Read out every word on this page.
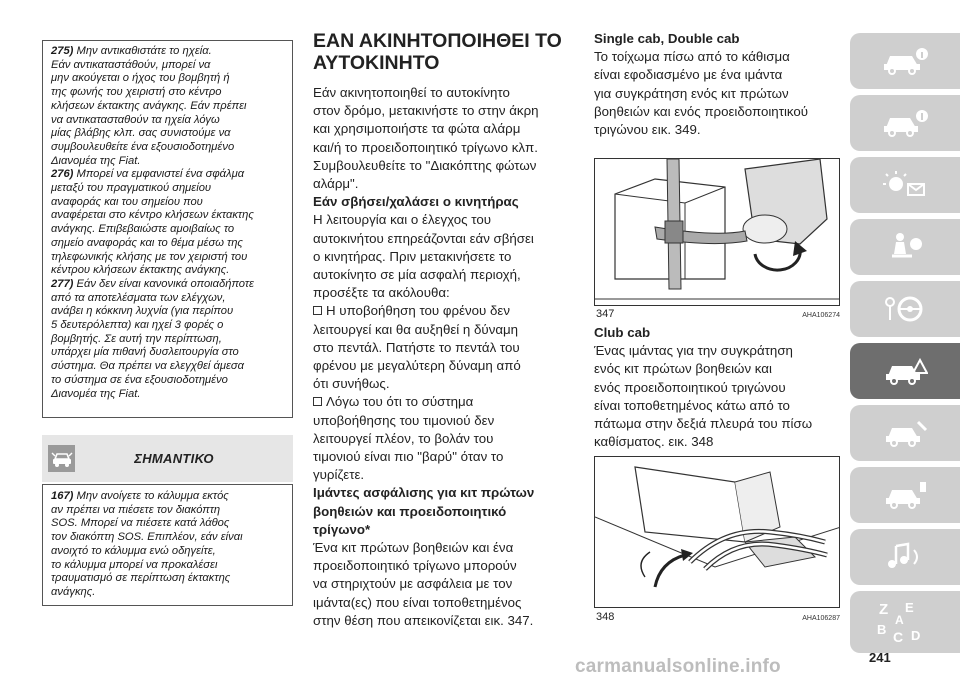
275) Μην αντικαθιστάτε το ηχεία.
Εάν αντικαταστάθούν, μπορεί να
μην ακούγεται ο ήχος του βομβητή ή
της φωνής του χειριστή στο κέντρο
κλήσεων έκτακτης ανάγκης. Εάν πρέπει
να αντικατασταθούν τα ηχεία λόγω
μίας βλάβης κλπ. σας συνιστούμε να
συμβουλευθείτε ένα εξουσιοδοτημένο
Διανομέα της Fiat.

276) Μπορεί να εμφανιστεί ένα σφάλμα
μεταξύ του πραγματικού σημείου
αναφοράς και του σημείου που
αναφέρεται στο κέντρο κλήσεων έκτακτης
ανάγκης. Επιβεβαιώστε αμοιβαίως το
σημείο αναφοράς και το θέμα μέσω της
τηλεφωνικής κλήσης με τον χειριστή του
κέντρου κλήσεων έκτακτης ανάγκης.

277) Εάν δεν είναι κανονικά οποιαδήποτε
από τα αποτελέσματα των ελέγχων,
ανάβει η κόκκινη λυχνία (για περίπου
5 δευτερόλεπτα) και ηχεί 3 φορές ο
βομβητής. Σε αυτή την περίπτωση,
υπάρχει μία πιθανή δυσλειτουργία στο
σύστημα. Θα πρέπει να ελεγχθεί άμεσα
το σύστημα σε ένα εξουσιοδοτημένο
Διανομέα της Fiat.

ΣΗΜΑΝΤΙΚΟ

167) Μην ανοίγετε το κάλυμμα εκτός
αν πρέπει να πιέσετε τον διακόπτη
SOS. Μπορεί να πιέσετε κατά λάθος
τον διακόπτη SOS. Επιπλέον, εάν είναι
ανοιχτό το κάλυμμα ενώ οδηγείτε,
το κάλυμμα μπορεί να προκαλέσει
τραυματισμό σε περίπτωση έκτακτης
ανάγκης.

ΕΑΝ ΑΚΙΝΗΤΟΠΟΙΗΘΕΙ ΤΟ
ΑΥΤΟΚΙΝΗΤΟ

Εάν ακινητοποιηθεί το αυτοκίνητο
στον δρόμο, μετακινήστε το στην άκρη
και χρησιμοποιήστε τα φώτα αλάρμ
και/ή το προειδοποιητικό τρίγωνο κλπ.
Συμβουλευθείτε το "Διακόπτης φώτων
αλάρμ".

Εάν σβήσει/χαλάσει ο κινητήρας

Η λειτουργία και ο έλεγχος του
αυτοκινήτου επηρεάζονται εάν σβήσει
ο κινητήρας. Πριν μετακινήσετε το
αυτοκίνητο σε μία ασφαλή περιοχή,
προσέξτε τα ακόλουθα:

Η υποβοήθηση του φρένου δεν
λειτουργεί και θα αυξηθεί η δύναμη
στο πεντάλ. Πατήστε το πεντάλ του
φρένου με μεγαλύτερη δύναμη από
ότι συνήθως.

Λόγω του ότι το σύστημα
υποβοήθησης του τιμονιού δεν
λειτουργεί πλέον, το βολάν του
τιμονιού είναι πιο "βαρύ" όταν το
γυρίζετε.

Ιμάντες ασφάλισης για κιτ πρώτων
βοηθειών και προειδοποιητικό
τρίγωνο*

Ένα κιτ πρώτων βοηθειών και ένα
προειδοποιητικό τρίγωνο μπορούν
να στηριχτούν με ασφάλεια με τον
ιμάντα(ες) που είναι τοποθετημένος
στην θέση που απεικονίζεται εικ. 347.

Single cab, Double cab

Το τοίχωμα πίσω από το κάθισμα
είναι εφοδιασμένο με ένα ιμάντα
για συγκράτηση ενός κιτ πρώτων
βοηθειών και ενός προειδοποιητικού
τριγώνου εικ. 349.

347	AHA106274
Club cab

Ένας ιμάντας για την συγκράτηση
ενός κιτ πρώτων βοηθειών και
ενός προειδοποιητικού τριγώνου
είναι τοποθετημένος κάτω από το
πάτωμα στην δεξιά πλευρά του πίσω
καθίσματος. εικ. 348

348	AHA106287
Z E
B C D
A
241
carmanualsonline.info
